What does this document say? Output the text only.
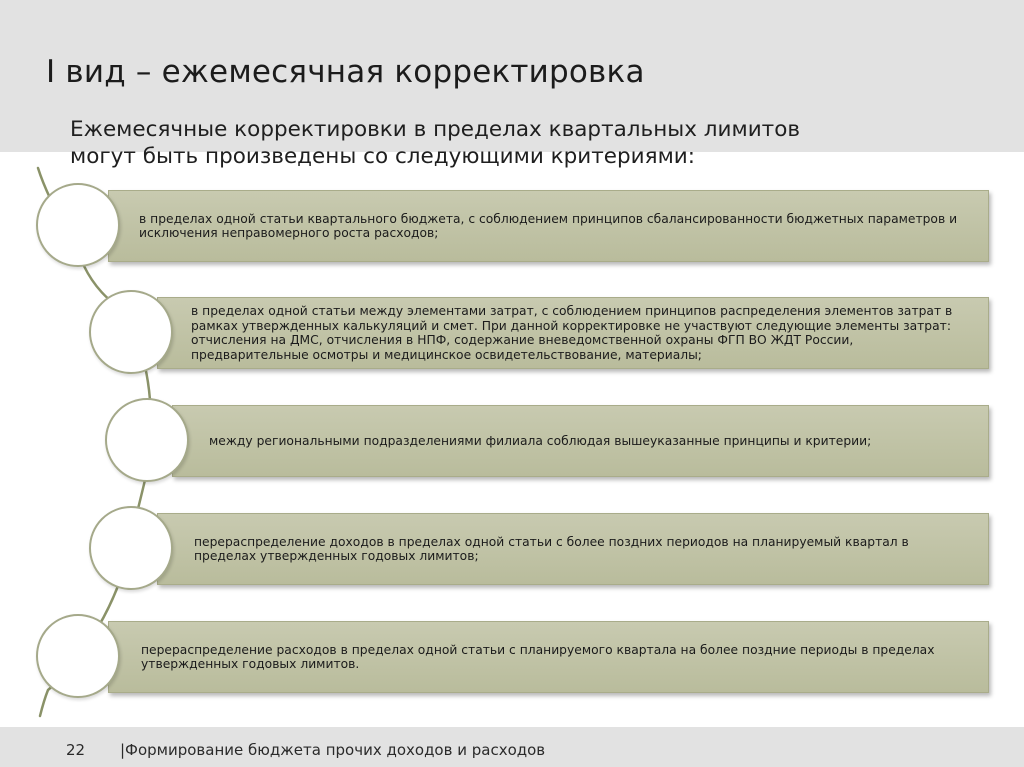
I вид – ежемесячная корректировка
Ежемесячные корректировки в пределах квартальных лимитов
могут быть произведены со следующими критериями:
в пределах одной статьи квартального бюджета, с соблюдением принципов сбалансированности бюджетных параметров и исключения неправомерного роста расходов;
в пределах одной статьи между элементами затрат, с соблюдением принципов распределения элементов затрат в рамках утвержденных калькуляций и смет. При данной корректировке не участвуют следующие элементы затрат: отчисления на ДМС, отчисления в НПФ, содержание вневедомственной охраны ФГП ВО ЖДТ России, предварительные осмотры и медицинское освидетельствование, материалы;
между региональными подразделениями филиала соблюдая вышеуказанные принципы и критерии;
перераспределение доходов в пределах одной статьи с более поздних периодов на планируемый квартал в пределах утвержденных годовых лимитов;
перераспределение расходов в пределах одной статьи с планируемого квартала на более поздние периоды в пределах утвержденных годовых лимитов.
22 |Формирование бюджета прочих доходов и расходов
